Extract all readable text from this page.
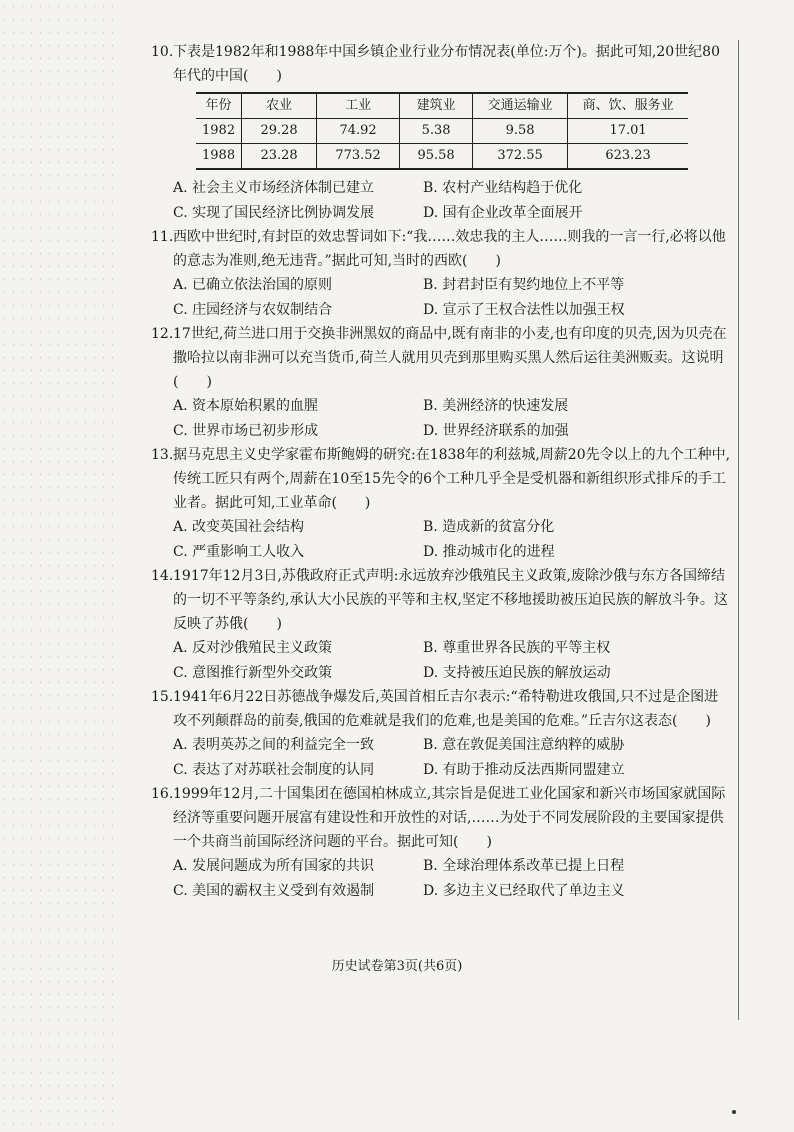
10. 下表是1982年和1988年中国乡镇企业行业分布情况表(单位:万个)。据此可知,20世纪80年代的中国(　　)
年份	农业	工业	建筑业	交通运输业	商、饮、服务业
1982	29.28	74.92	5.38	9.58	17.01
1988	23.28	773.52	95.58	372.55	623.23
A. 社会主义市场经济体制已建立	B. 农村产业结构趋于优化
C. 实现了国民经济比例协调发展	D. 国有企业改革全面展开
11. 西欧中世纪时,有封臣的效忠誓词如下:“我……效忠我的主人……则我的一言一行,必将以他的意志为准则,绝无违背。”据此可知,当时的西欧(　　)
A. 已确立依法治国的原则	B. 封君封臣有契约地位上不平等
C. 庄园经济与农奴制结合	D. 宣示了王权合法性以加强王权
12. 17世纪,荷兰进口用于交换非洲黑奴的商品中,既有南非的小麦,也有印度的贝壳,因为贝壳在撒哈拉以南非洲可以充当货币,荷兰人就用贝壳到那里购买黑人然后运往美洲贩卖。这说明(　　)
A. 资本原始积累的血腥	B. 美洲经济的快速发展
C. 世界市场已初步形成	D. 世界经济联系的加强
13. 据马克思主义史学家霍布斯鲍姆的研究:在1838年的利兹城,周薪20先令以上的九个工种中,传统工匠只有两个,周薪在10至15先令的6个工种几乎全是受机器和新组织形式排斥的手工业者。据此可知,工业革命(　　)
A. 改变英国社会结构	B. 造成新的贫富分化
C. 严重影响工人收入	D. 推动城市化的进程
14. 1917年12月3日,苏俄政府正式声明:永远放弃沙俄殖民主义政策,废除沙俄与东方各国缔结的一切不平等条约,承认大小民族的平等和主权,坚定不移地援助被压迫民族的解放斗争。这反映了苏俄(　　)
A. 反对沙俄殖民主义政策	B. 尊重世界各民族的平等主权
C. 意图推行新型外交政策	D. 支持被压迫民族的解放运动
15. 1941年6月22日苏德战争爆发后,英国首相丘吉尔表示:“希特勒进攻俄国,只不过是企图进攻不列颠群岛的前奏,俄国的危难就是我们的危难,也是美国的危难。”丘吉尔这表态(　　)
A. 表明英苏之间的利益完全一致	B. 意在敦促美国注意纳粹的威胁
C. 表达了对苏联社会制度的认同	D. 有助于推动反法西斯同盟建立
16. 1999年12月,二十国集团在德国柏林成立,其宗旨是促进工业化国家和新兴市场国家就国际经济等重要问题开展富有建设性和开放性的对话,……为处于不同发展阶段的主要国家提供一个共商当前国际经济问题的平台。据此可知(　　)
A. 发展问题成为所有国家的共识	B. 全球治理体系改革已提上日程
C. 美国的霸权主义受到有效遏制	D. 多边主义已经取代了单边主义
历史试卷第3页(共6页)
